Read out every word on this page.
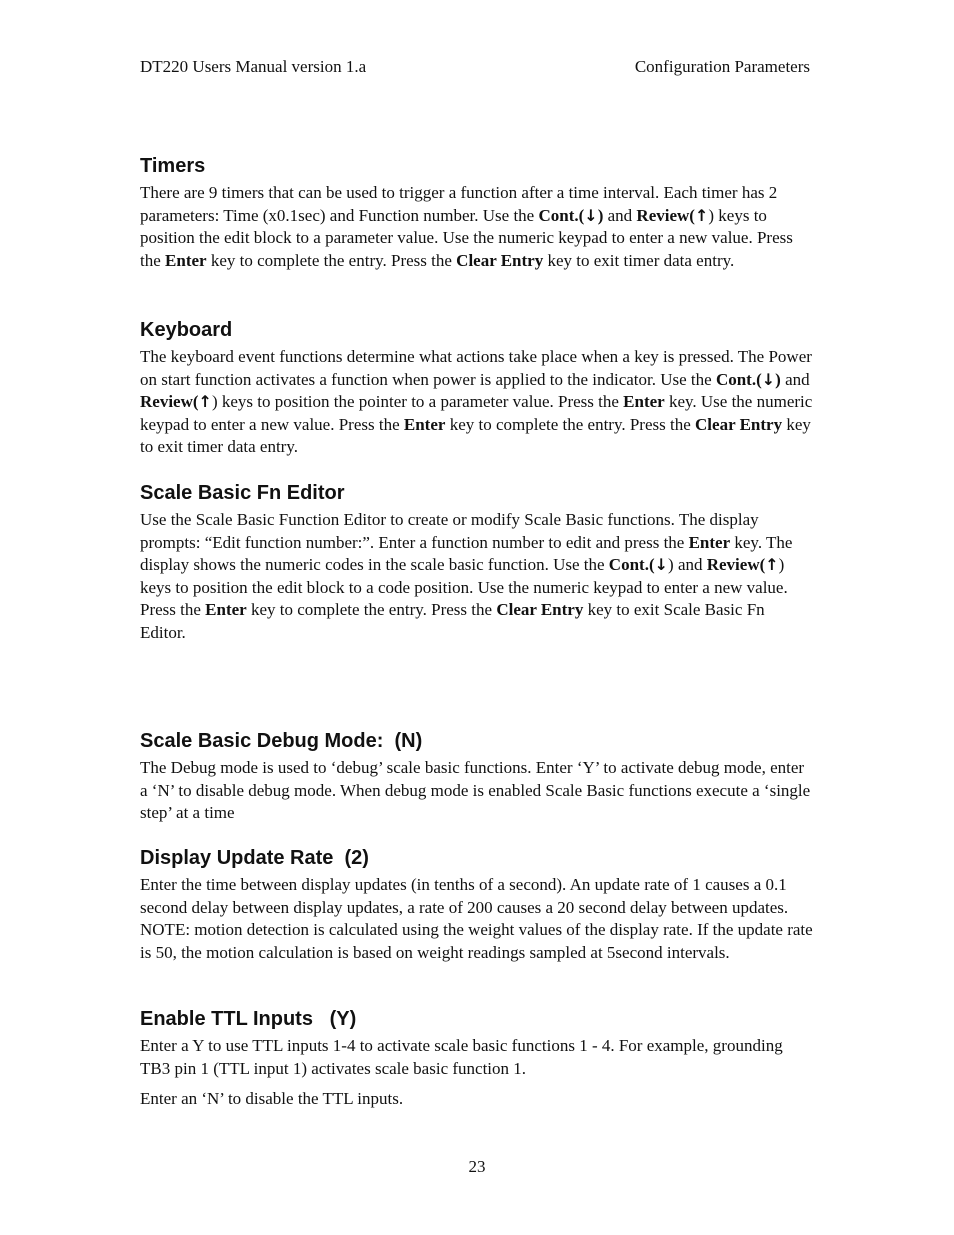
DT220 Users Manual version 1.a	Configuration Parameters
Timers

There are 9 timers that can be used to trigger a function after a time interval. Each timer has 2 parameters: Time (x0.1sec) and Function number. Use the Cont.(↓) and Review(↑) keys to position the edit block to a parameter value. Use the numeric keypad to enter a new value. Press the Enter key to complete the entry. Press the Clear Entry key to exit timer data entry.

Keyboard

The keyboard event functions determine what actions take place when a key is pressed. The Power on start function activates a function when power is applied to the indicator. Use the Cont.(↓) and Review(↑) keys to position the pointer to a parameter value. Press the Enter key. Use the numeric keypad to enter a new value. Press the Enter key to complete the entry. Press the Clear Entry key to exit timer data entry.

Scale Basic Fn Editor

Use the Scale Basic Function Editor to create or modify Scale Basic functions. The display prompts: “Edit function number:”. Enter a function number to edit and press the Enter key. The display shows the numeric codes in the scale basic function. Use the Cont.(↓) and Review(↑) keys to position the edit block to a code position. Use the numeric keypad to enter a new value. Press the Enter key to complete the entry. Press the Clear Entry key to exit Scale Basic Fn Editor.

Scale Basic Debug Mode:  (N)

The Debug mode is used to ‘debug’ scale basic functions. Enter ‘Y’ to activate debug mode, enter a ‘N’ to disable debug mode. When debug mode is enabled Scale Basic functions execute a ‘single step’ at a time

Display Update Rate  (2)

Enter the time between display updates (in tenths of a second). An update rate of 1 causes a 0.1 second delay between display updates, a rate of 200 causes a 20 second delay between updates. NOTE: motion detection is calculated using the weight values of the display rate. If the update rate is 50, the motion calculation is based on weight readings sampled at 5second intervals.

Enable TTL Inputs   (Y)

Enter a Y to use TTL inputs 1-4 to activate scale basic functions 1 - 4. For example, grounding TB3 pin 1 (TTL input 1) activates scale basic function 1.

Enter an ‘N’ to disable the TTL inputs.

23
